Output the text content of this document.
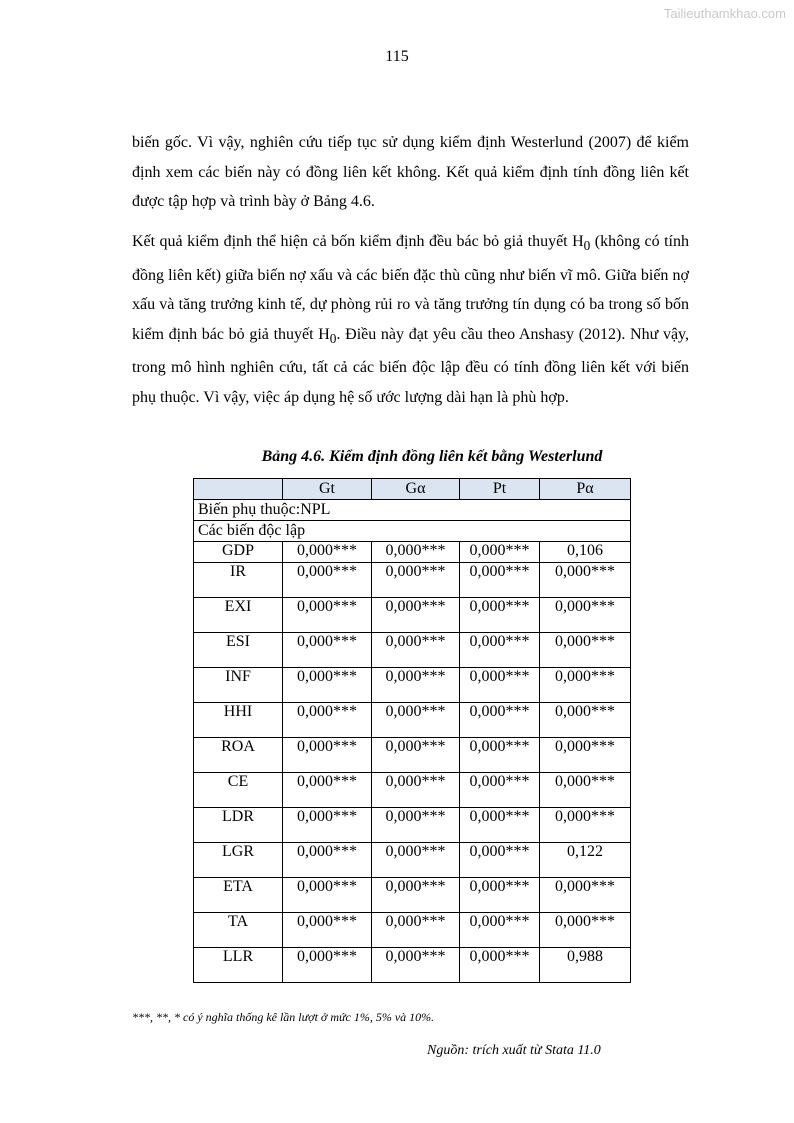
Tailieuthamkhao.com
115

biến gốc. Vì vậy, nghiên cứu tiếp tục sử dụng kiểm định Westerlund (2007) để kiểm định xem các biến này có đồng liên kết không. Kết quả kiểm định tính đồng liên kết được tập hợp và trình bày ở Bảng 4.6.

Kết quả kiểm định thể hiện cả bốn kiểm định đều bác bỏ giả thuyết $H_0$ (không có tính đồng liên kết) giữa biến nợ xấu và các biến đặc thù cũng như biến vĩ mô. Giữa biến nợ xấu và tăng trưởng kinh tế, dự phòng rủi ro và tăng trưởng tín dụng có ba trong số bốn kiểm định bác bỏ giả thuyết $H_0$. Điều này đạt yêu cầu theo Anshasy (2012). Như vậy, trong mô hình nghiên cứu, tất cả các biến độc lập đều có tính đồng liên kết với biến phụ thuộc. Vì vậy, việc áp dụng hệ số ước lượng dài hạn là phù hợp.

Bảng 4.6. Kiểm định đồng liên kết bằng Westerlund
	Gt	Gα	Pt	Pα
Biến phụ thuộc:NPL				
Các biến độc lập				
GDP	0,000***	0,000***	0,000***	0,106
IR	0,000***	0,000***	0,000***	0,000***
EXI	0,000***	0,000***	0,000***	0,000***
ESI	0,000***	0,000***	0,000***	0,000***
INF	0,000***	0,000***	0,000***	0,000***
HHI	0,000***	0,000***	0,000***	0,000***
ROA	0,000***	0,000***	0,000***	0,000***
CE	0,000***	0,000***	0,000***	0,000***
LDR	0,000***	0,000***	0,000***	0,000***
LGR	0,000***	0,000***	0,000***	0,122
ETA	0,000***	0,000***	0,000***	0,000***
TA	0,000***	0,000***	0,000***	0,000***
LLR	0,000***	0,000***	0,000***	0,988
***, **, * có ý nghĩa thống kê lần lượt ở mức 1%, 5% và 10%.
Nguồn: trích xuất từ Stata 11.0
